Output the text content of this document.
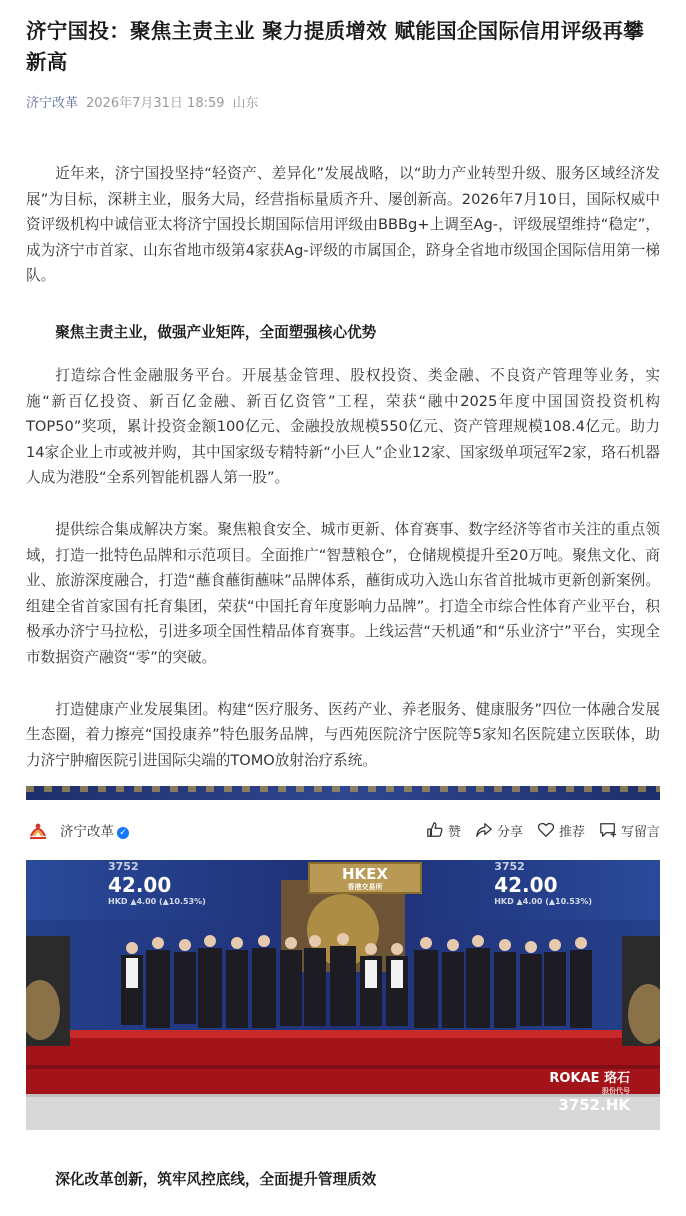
济宁国投：聚焦主责主业 聚力提质增效 赋能国企国际信用评级再攀新高
济宁改革 2026年7月31日 18:59 山东

近年来，济宁国投坚持“轻资产、差异化”发展战略，以“助力产业转型升级、服务区域经济发展”为目标，深耕主业，服务大局，经营指标量质齐升、屡创新高。2026年7月10日，国际权威中资评级机构中诚信亚太将济宁国投长期国际信用评级由BBBg+上调至Ag-，评级展望维持“稳定”，成为济宁市首家、山东省地市级第4家获Ag-评级的市属国企，跻身全省地市级国企国际信用第一梯队。

聚焦主责主业，做强产业矩阵，全面塑强核心优势

打造综合性金融服务平台。开展基金管理、股权投资、类金融、不良资产管理等业务，实施“新百亿投资、新百亿金融、新百亿资管”工程，荣获“融中2025年度中国国资投资机构TOP50”奖项，累计投资金额100亿元、金融投放规模550亿元、资产管理规模108.4亿元。助力14家企业上市或被并购，其中国家级专精特新“小巨人”企业12家、国家级单项冠军2家，珞石机器人成为港股“全系列智能机器人第一股”。

提供综合集成解决方案。聚焦粮食安全、城市更新、体育赛事、数字经济等省市关注的重点领域，打造一批特色品牌和示范项目。全面推广“智慧粮仓”，仓储规模提升至20万吨。聚焦文化、商业、旅游深度融合，打造“蘸食蘸街蘸味”品牌体系，蘸街成功入选山东省首批城市更新创新案例。组建全省首家国有托育集团，荣获“中国托育年度影响力品牌”。打造全市综合性体育产业平台，积极承办济宁马拉松，引进多项全国性精品体育赛事。上线运营“天机通”和“乐业济宁”平台，实现全市数据资产融资“零”的突破。

打造健康产业发展集团。构建“医疗服务、医药产业、养老服务、健康服务”四位一体融合发展生态圈，着力擦亮“国投康养”特色服务品牌，与西苑医院济宁医院等5家知名医院建立医联体，助力济宁肿瘤医院引进国际尖端的TOMO放射治疗系统。

济宁改革 ✓	赞	分享	推荐	写留言
3752
42.00
HKD ▲4.00 (▲10.53%)
HKEX
香港交易所
3752
42.00
HKD ▲4.00 (▲10.53%)
ROKAE 珞石
股份代号
3752.HK

深化改革创新，筑牢风控底线，全面提升管理质效
